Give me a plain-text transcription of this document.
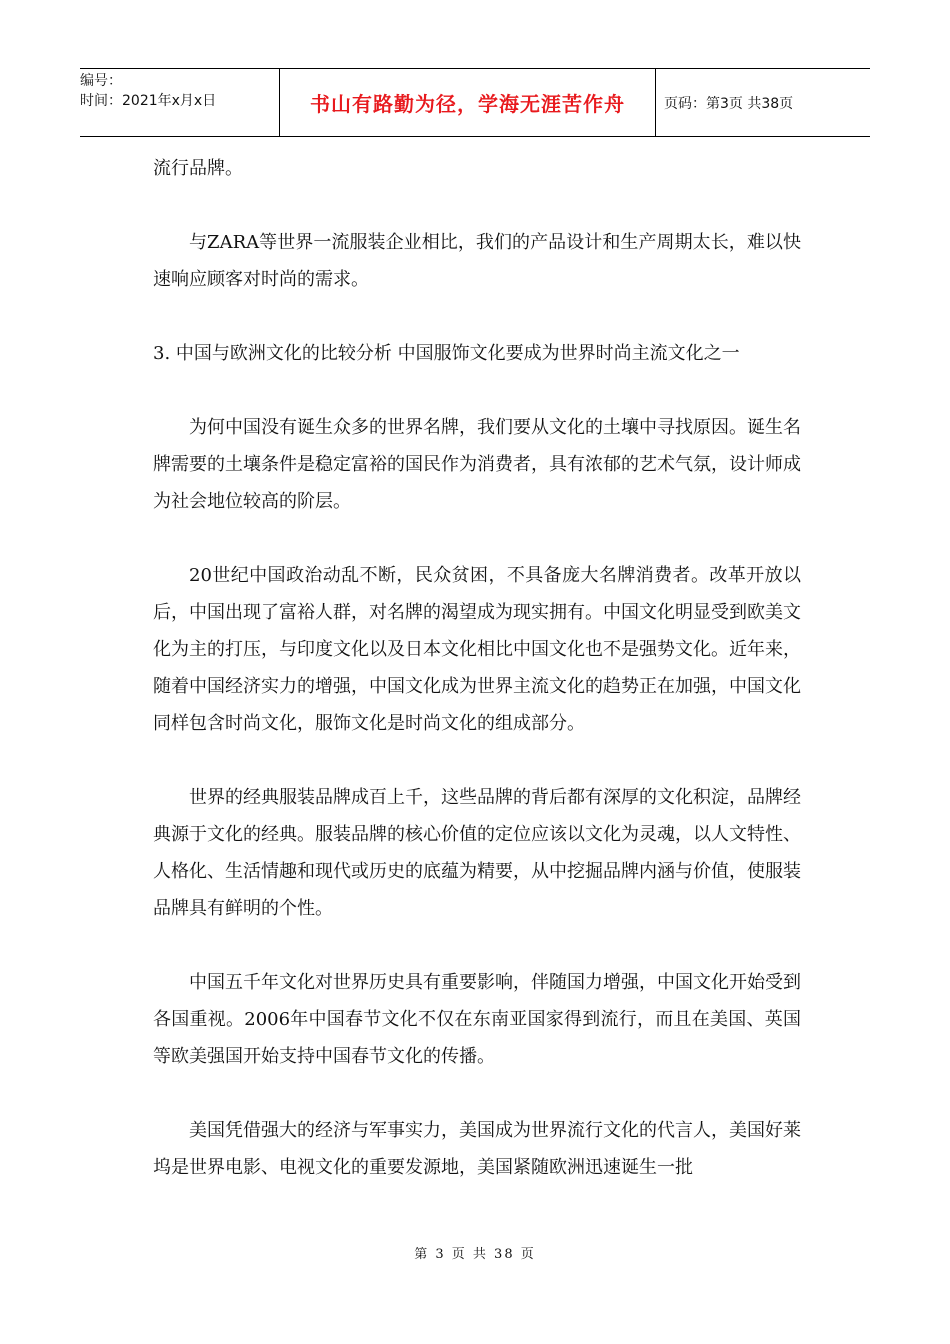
编号：
时间：2021年x月x日	书山有路勤为径，学海无涯苦作舟	页码：第3页 共38页

流行品牌。

与ZARA等世界一流服装企业相比，我们的产品设计和生产周期太长，难以快速响应顾客对时尚的需求。

3. 中国与欧洲文化的比较分析 中国服饰文化要成为世界时尚主流文化之一

为何中国没有诞生众多的世界名牌，我们要从文化的土壤中寻找原因。诞生名牌需要的土壤条件是稳定富裕的国民作为消费者，具有浓郁的艺术气氛，设计师成为社会地位较高的阶层。

20世纪中国政治动乱不断，民众贫困，不具备庞大名牌消费者。改革开放以后，中国出现了富裕人群，对名牌的渴望成为现实拥有。中国文化明显受到欧美文化为主的打压，与印度文化以及日本文化相比中国文化也不是强势文化。近年来，随着中国经济实力的增强，中国文化成为世界主流文化的趋势正在加强，中国文化同样包含时尚文化，服饰文化是时尚文化的组成部分。

世界的经典服装品牌成百上千，这些品牌的背后都有深厚的文化积淀，品牌经典源于文化的经典。服装品牌的核心价值的定位应该以文化为灵魂，以人文特性、人格化、生活情趣和现代或历史的底蕴为精要，从中挖掘品牌内涵与价值，使服装品牌具有鲜明的个性。

中国五千年文化对世界历史具有重要影响，伴随国力增强，中国文化开始受到各国重视。2006年中国春节文化不仅在东南亚国家得到流行，而且在美国、英国等欧美强国开始支持中国春节文化的传播。

美国凭借强大的经济与军事实力，美国成为世界流行文化的代言人，美国好莱坞是世界电影、电视文化的重要发源地，美国紧随欧洲迅速诞生一批

第 3 页 共 38 页
